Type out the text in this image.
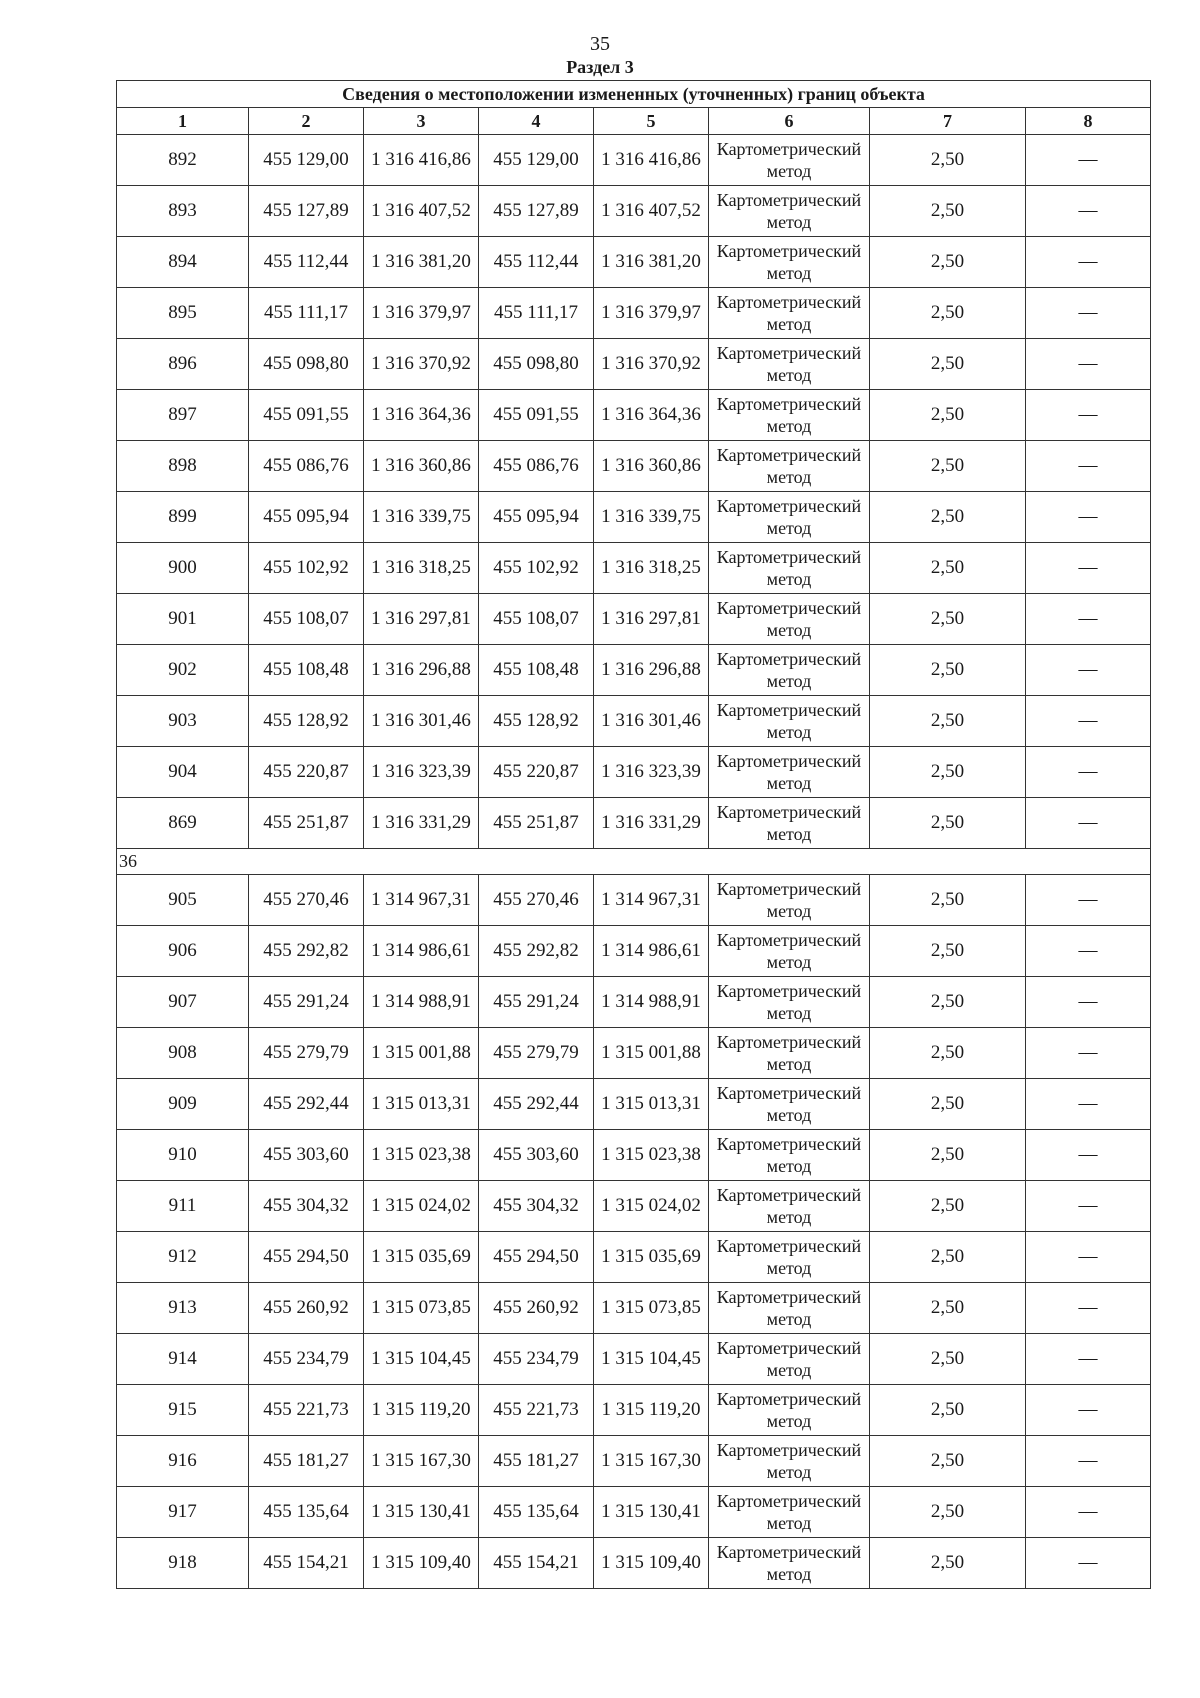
35
Раздел 3
Сведения о местоположении измененных (уточненных) границ объекта							
1	2	3	4	5	6	7	8
892	455 129,00	1 316 416,86	455 129,00	1 316 416,86	Картометрический метод	2,50	—
893	455 127,89	1 316 407,52	455 127,89	1 316 407,52	Картометрический метод	2,50	—
894	455 112,44	1 316 381,20	455 112,44	1 316 381,20	Картометрический метод	2,50	—
895	455 111,17	1 316 379,97	455 111,17	1 316 379,97	Картометрический метод	2,50	—
896	455 098,80	1 316 370,92	455 098,80	1 316 370,92	Картометрический метод	2,50	—
897	455 091,55	1 316 364,36	455 091,55	1 316 364,36	Картометрический метод	2,50	—
898	455 086,76	1 316 360,86	455 086,76	1 316 360,86	Картометрический метод	2,50	—
899	455 095,94	1 316 339,75	455 095,94	1 316 339,75	Картометрический метод	2,50	—
900	455 102,92	1 316 318,25	455 102,92	1 316 318,25	Картометрический метод	2,50	—
901	455 108,07	1 316 297,81	455 108,07	1 316 297,81	Картометрический метод	2,50	—
902	455 108,48	1 316 296,88	455 108,48	1 316 296,88	Картометрический метод	2,50	—
903	455 128,92	1 316 301,46	455 128,92	1 316 301,46	Картометрический метод	2,50	—
904	455 220,87	1 316 323,39	455 220,87	1 316 323,39	Картометрический метод	2,50	—
869	455 251,87	1 316 331,29	455 251,87	1 316 331,29	Картометрический метод	2,50	—
36							
905	455 270,46	1 314 967,31	455 270,46	1 314 967,31	Картометрический метод	2,50	—
906	455 292,82	1 314 986,61	455 292,82	1 314 986,61	Картометрический метод	2,50	—
907	455 291,24	1 314 988,91	455 291,24	1 314 988,91	Картометрический метод	2,50	—
908	455 279,79	1 315 001,88	455 279,79	1 315 001,88	Картометрический метод	2,50	—
909	455 292,44	1 315 013,31	455 292,44	1 315 013,31	Картометрический метод	2,50	—
910	455 303,60	1 315 023,38	455 303,60	1 315 023,38	Картометрический метод	2,50	—
911	455 304,32	1 315 024,02	455 304,32	1 315 024,02	Картометрический метод	2,50	—
912	455 294,50	1 315 035,69	455 294,50	1 315 035,69	Картометрический метод	2,50	—
913	455 260,92	1 315 073,85	455 260,92	1 315 073,85	Картометрический метод	2,50	—
914	455 234,79	1 315 104,45	455 234,79	1 315 104,45	Картометрический метод	2,50	—
915	455 221,73	1 315 119,20	455 221,73	1 315 119,20	Картометрический метод	2,50	—
916	455 181,27	1 315 167,30	455 181,27	1 315 167,30	Картометрический метод	2,50	—
917	455 135,64	1 315 130,41	455 135,64	1 315 130,41	Картометрический метод	2,50	—
918	455 154,21	1 315 109,40	455 154,21	1 315 109,40	Картометрический метод	2,50	—
